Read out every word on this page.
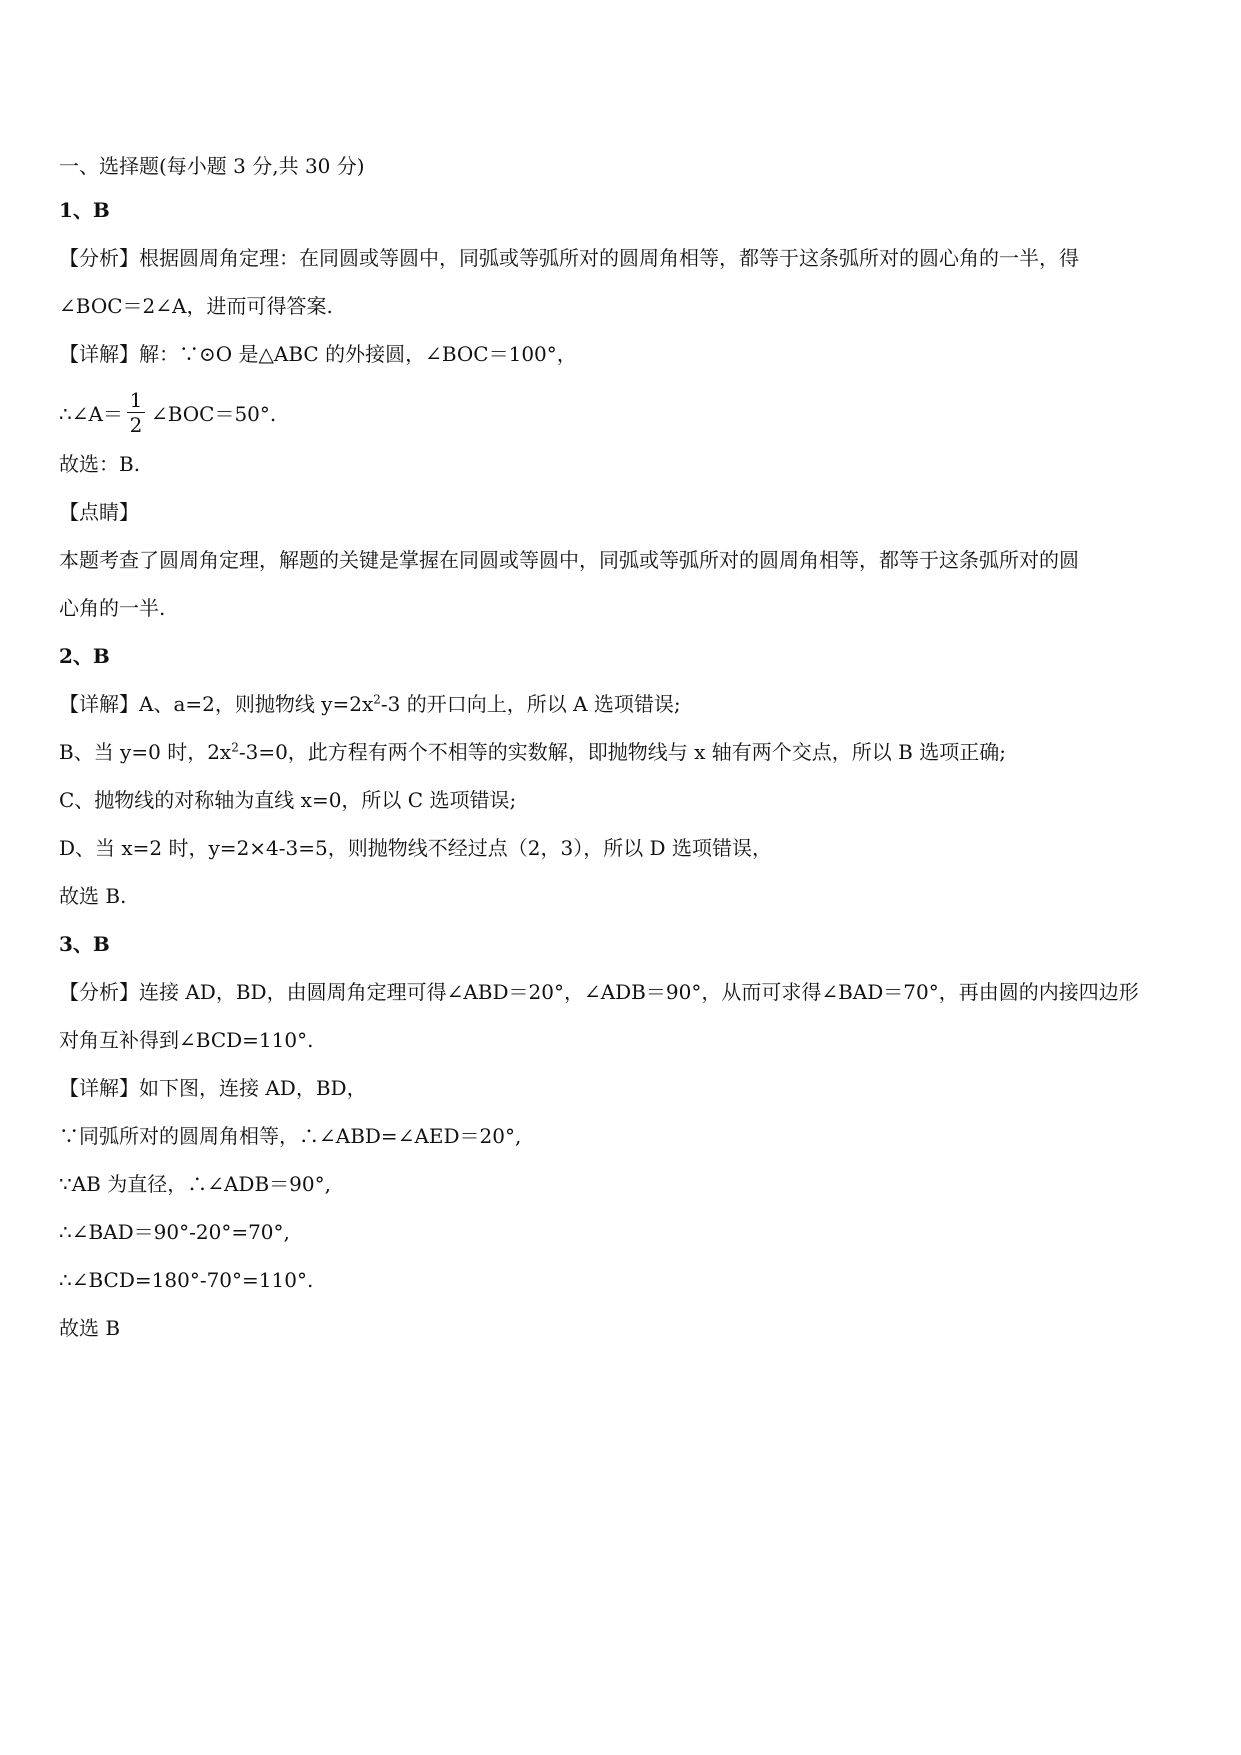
一、选择题(每小题 3 分,共 30 分)
1、B
【分析】根据圆周角定理：在同圆或等圆中，同弧或等弧所对的圆周角相等，都等于这条弧所对的圆心角的一半，得
∠BOC＝2∠A，进而可得答案.
【详解】解：∵⊙O 是△ABC 的外接圆，∠BOC＝100°，
∴∠A＝ $\frac{1}{2}$ ∠BOC＝50°.
故选：B.
【点睛】
本题考查了圆周角定理，解题的关键是掌握在同圆或等圆中，同弧或等弧所对的圆周角相等，都等于这条弧所对的圆
心角的一半.
2、B
【详解】A、a=2，则抛物线 $y=2x^2-3$ 的开口向上，所以 A 选项错误;
B、当 y=0 时，$2x^2-3=0$，此方程有两个不相等的实数解，即抛物线与 x 轴有两个交点，所以 B 选项正确;
C、抛物线的对称轴为直线 x=0，所以 C 选项错误;
D、当 x=2 时，y=2×4-3=5，则抛物线不经过点（2，3），所以 D 选项错误，
故选 B.
3、B
【分析】连接 AD，BD，由圆周角定理可得∠ABD＝20°，∠ADB＝90°，从而可求得∠BAD＝70°，再由圆的内接四边形
对角互补得到∠BCD=110°.
【详解】如下图，连接 AD，BD，
∵同弧所对的圆周角相等，∴∠ABD=∠AED＝20°,
∵AB 为直径，∴∠ADB＝90°,
∴∠BAD＝90°-20°=70°,
∴∠BCD=180°-70°=110°.
故选 B
